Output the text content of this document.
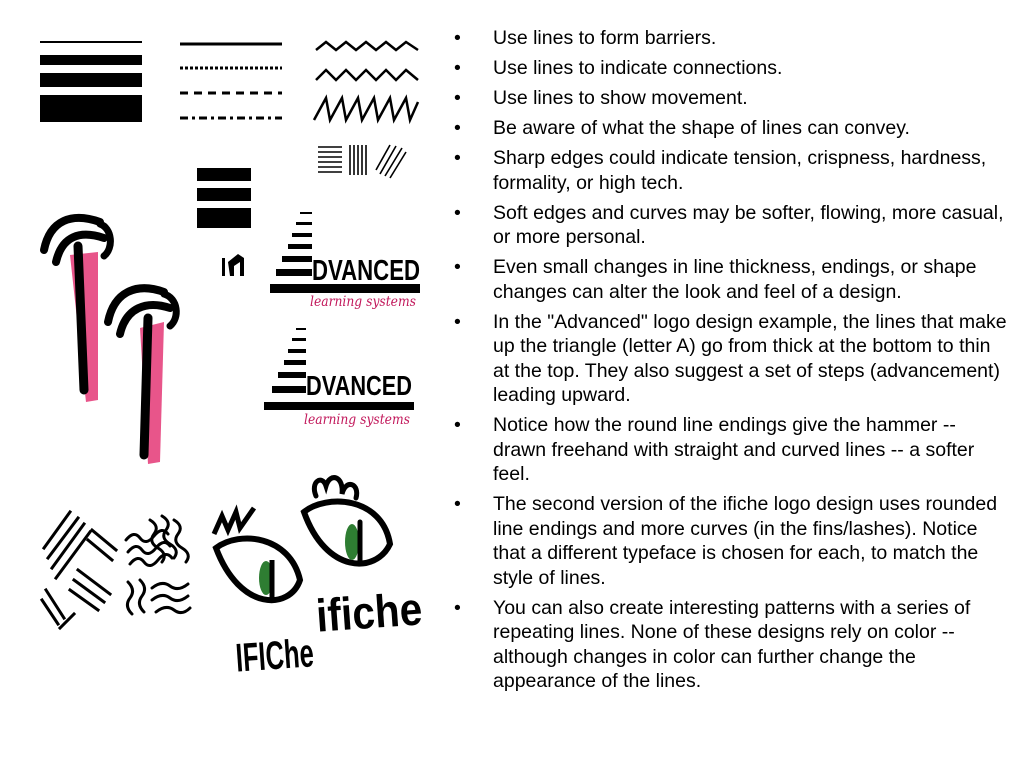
DVANCED
learning systems
DVANCED
learning systems
IFIChe
ifiche
• Use lines to form barriers.
• Use lines to indicate connections.
• Use lines to show movement.
• Be aware of what the shape of lines can convey.
• Sharp edges could indicate tension, crispness, hardness, formality, or high tech.
• Soft edges and curves may be softer, flowing, more casual, or more personal.
• Even small changes in line thickness, endings, or shape changes can alter the look and feel of a design.
• In the "Advanced" logo design example, the lines that make up the triangle (letter A) go from thick at the bottom to thin at the top. They also suggest a set of steps (advancement) leading upward.
• Notice how the round line endings give the hammer -- drawn freehand with straight and curved lines -- a softer feel.
• The second version of the ifiche logo design uses rounded line endings and more curves (in the fins/lashes). Notice that a different typeface is chosen for each, to match the style of lines.
• You can also create interesting patterns with a series of repeating lines. None of these designs rely on color -- although changes in color can further change the appearance of the lines.
